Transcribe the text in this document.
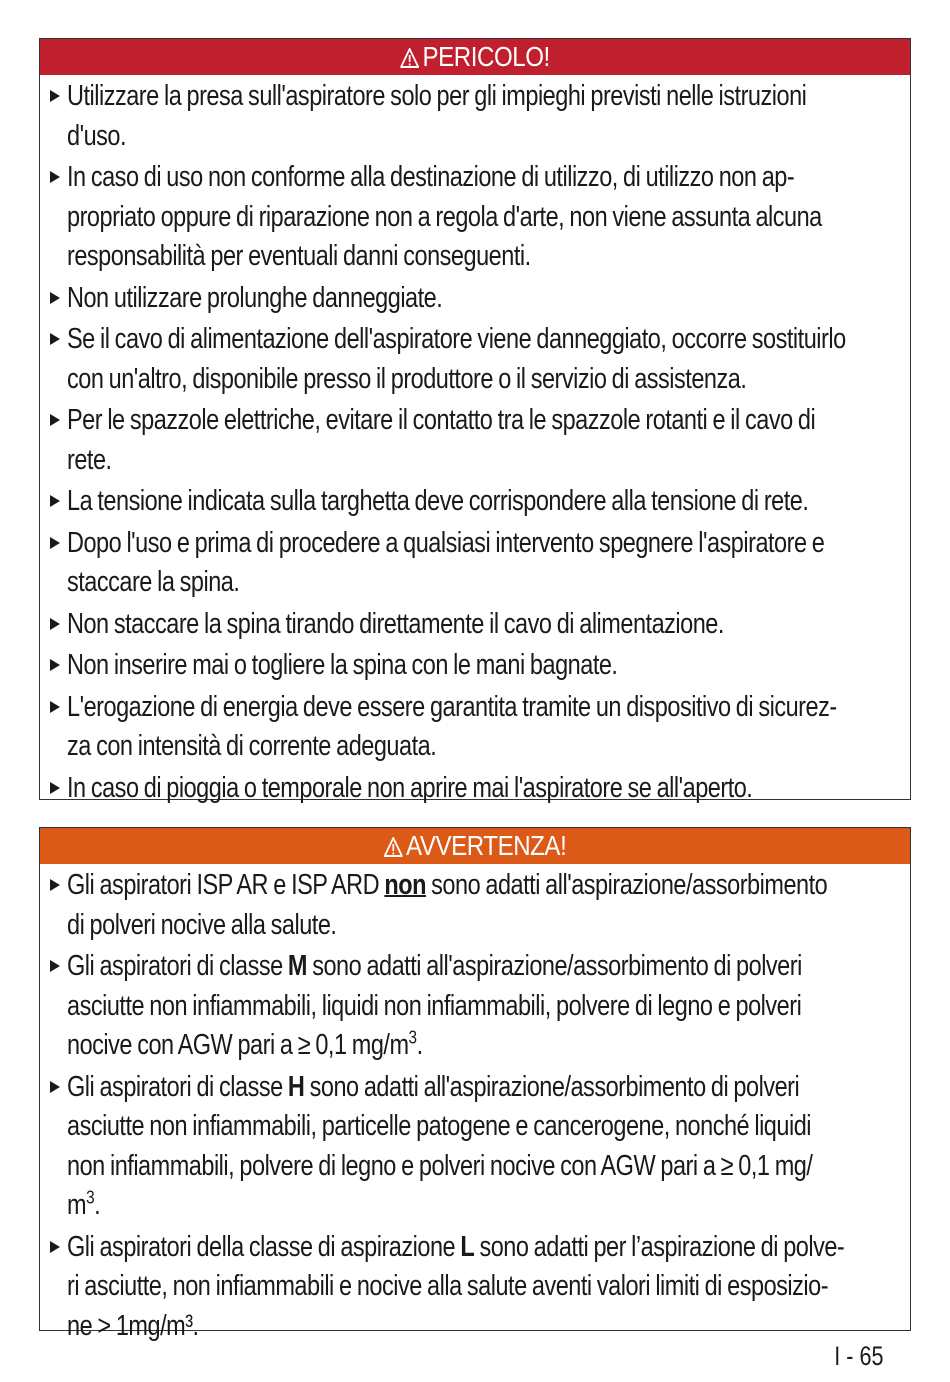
PERICOLO!
Utilizzare la presa sull'aspiratore solo per gli impieghi previsti nelle istruzioni
d'uso.
In caso di uso non conforme alla destinazione di utilizzo, di utilizzo non ap-
propriato oppure di riparazione non a regola d'arte, non viene assunta alcuna
responsabilità per eventuali danni conseguenti.
Non utilizzare prolunghe danneggiate.
Se il cavo di alimentazione dell'aspiratore viene danneggiato, occorre sostituirlo
con un'altro, disponibile presso il produttore o il servizio di assistenza.
Per le spazzole elettriche, evitare il contatto tra le spazzole rotanti e il cavo di
rete.
La tensione indicata sulla targhetta deve corrispondere alla tensione di rete.
Dopo l'uso e prima di procedere a qualsiasi intervento spegnere l'aspiratore e
staccare la spina.
Non staccare la spina tirando direttamente il cavo di alimentazione.
Non inserire mai o togliere la spina con le mani bagnate.
L'erogazione di energia deve essere garantita tramite un dispositivo di sicurez-
za con intensità di corrente adeguata.
In caso di pioggia o temporale non aprire mai l'aspiratore se all'aperto.
AVVERTENZA!
Gli aspiratori ISP AR e ISP ARD non sono adatti all'aspirazione/assorbimento
di polveri nocive alla salute.
Gli aspiratori di classe M sono adatti all'aspirazione/assorbimento di polveri
asciutte non infiammabili, liquidi non infiammabili, polvere di legno e polveri
nocive con AGW pari a ≥ 0,1 $mg/m^3$.
Gli aspiratori di classe H sono adatti all'aspirazione/assorbimento di polveri
asciutte non infiammabili, particelle patogene e cancerogene, nonché liquidi
non infiammabili, polvere di legno e polveri nocive con AGW pari a ≥ 0,1 mg/
$m^3$.
Gli aspiratori della classe di aspirazione L sono adatti per l’aspirazione di polve-
ri asciutte, non infiammabili e nocive alla salute aventi valori limiti di esposizio-
ne > 1mg/m³.
I - 65
